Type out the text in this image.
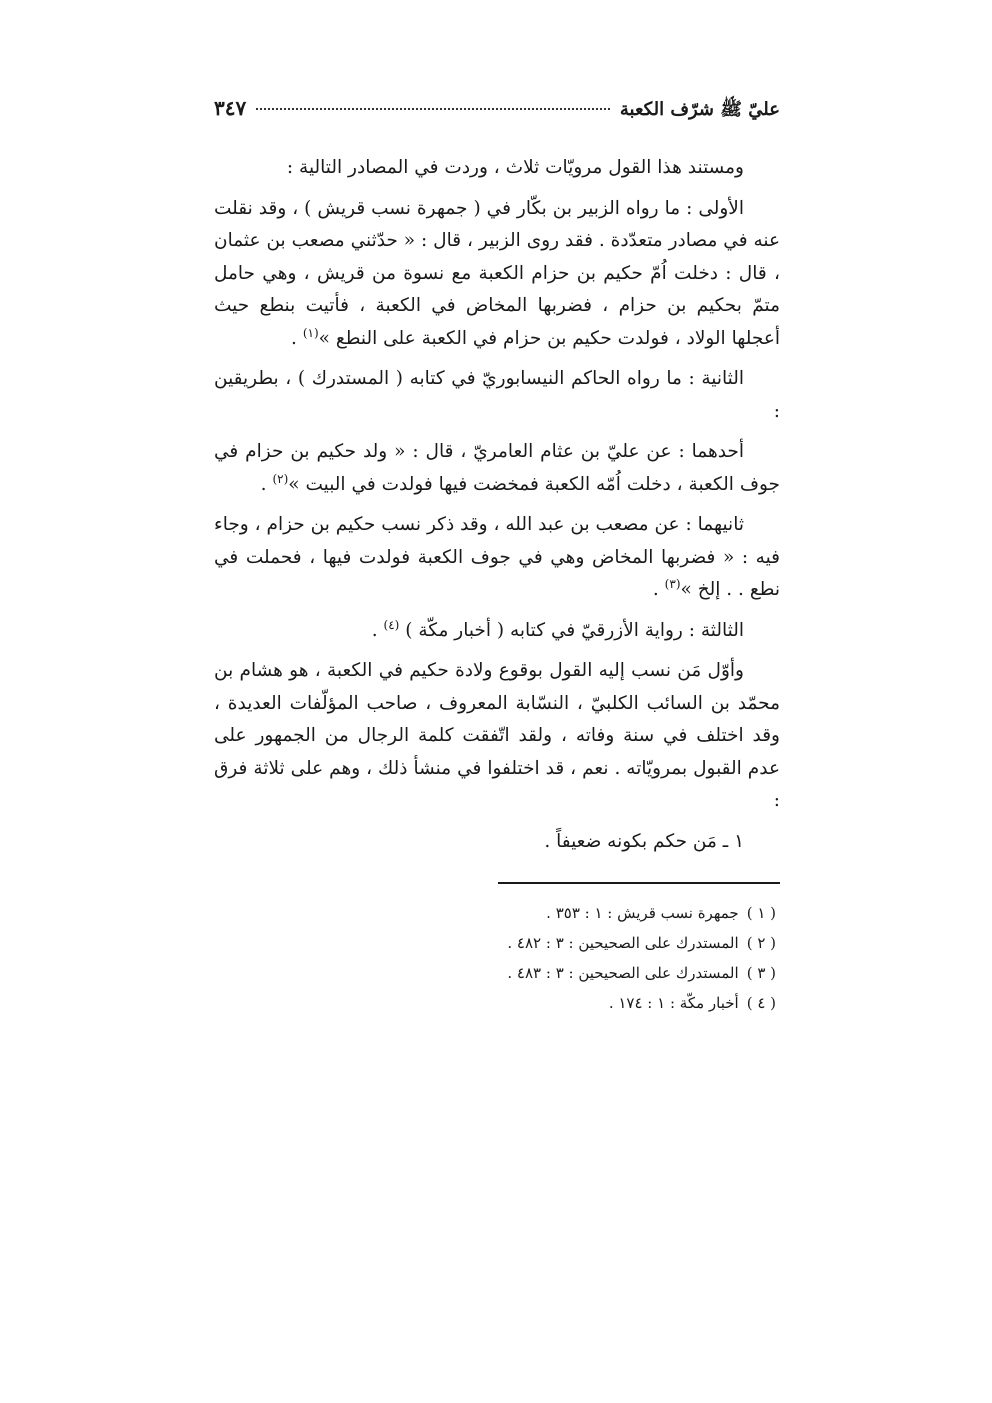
عليّ ﷺ شرّف الكعبة
٣٤٧

ومستند هذا القول مرويّات ثلاث ، وردت في المصادر التالية :

الأولى : ما رواه الزبير بن بكّار في ( جمهرة نسب قريش ) ، وقد نقلت عنه في مصادر متعدّدة . فقد روى الزبير ، قال : « حدّثني مصعب بن عثمان ، قال : دخلت اُمّ حكيم بن حزام الكعبة مع نسوة من قريش ، وهي حامل متمّ بحكيم بن حزام ، فضربها المخاض في الكعبة ، فأتيت بنطع حيث أعجلها الولاد ، فولدت حكيم بن حزام في الكعبة على النطع »$^{(١)}$ .

الثانية : ما رواه الحاكم النيسابوريّ في كتابه ( المستدرك ) ، بطريقين :

أحدهما : عن عليّ بن عثام العامريّ ، قال : « ولد حكيم بن حزام في جوف الكعبة ، دخلت اُمّه الكعبة فمخضت فيها فولدت في البيت »$^{(٢)}$ .

ثانيهما : عن مصعب بن عبد الله ، وقد ذكر نسب حكيم بن حزام ، وجاء فيه : « فضربها المخاض وهي في جوف الكعبة فولدت فيها ، فحملت في نطع . . إلخ »$^{(٣)}$ .

الثالثة : رواية الأزرقيّ في كتابه ( أخبار مكّة ) $^{(٤)}$ .

وأوّل مَن نسب إليه القول بوقوع ولادة حكيم في الكعبة ، هو هشام بن محمّد بن السائب الكلبيّ ، النسّابة المعروف ، صاحب المؤلّفات العديدة ، وقد اختلف في سنة وفاته ، ولقد اتّفقت كلمة الرجال من الجمهور على عدم القبول بمرويّاته . نعم ، قد اختلفوا في منشأ ذلك ، وهم على ثلاثة فرق :

١ ـ مَن حكم بكونه ضعيفاً .

( ١ )
جمهرة نسب قريش : ١ : ٣٥٣ .
( ٢ )
المستدرك على الصحيحين : ٣ : ٤٨٢ .
( ٣ )
المستدرك على الصحيحين : ٣ : ٤٨٣ .
( ٤ )
أخبار مكّة : ١ : ١٧٤ .
